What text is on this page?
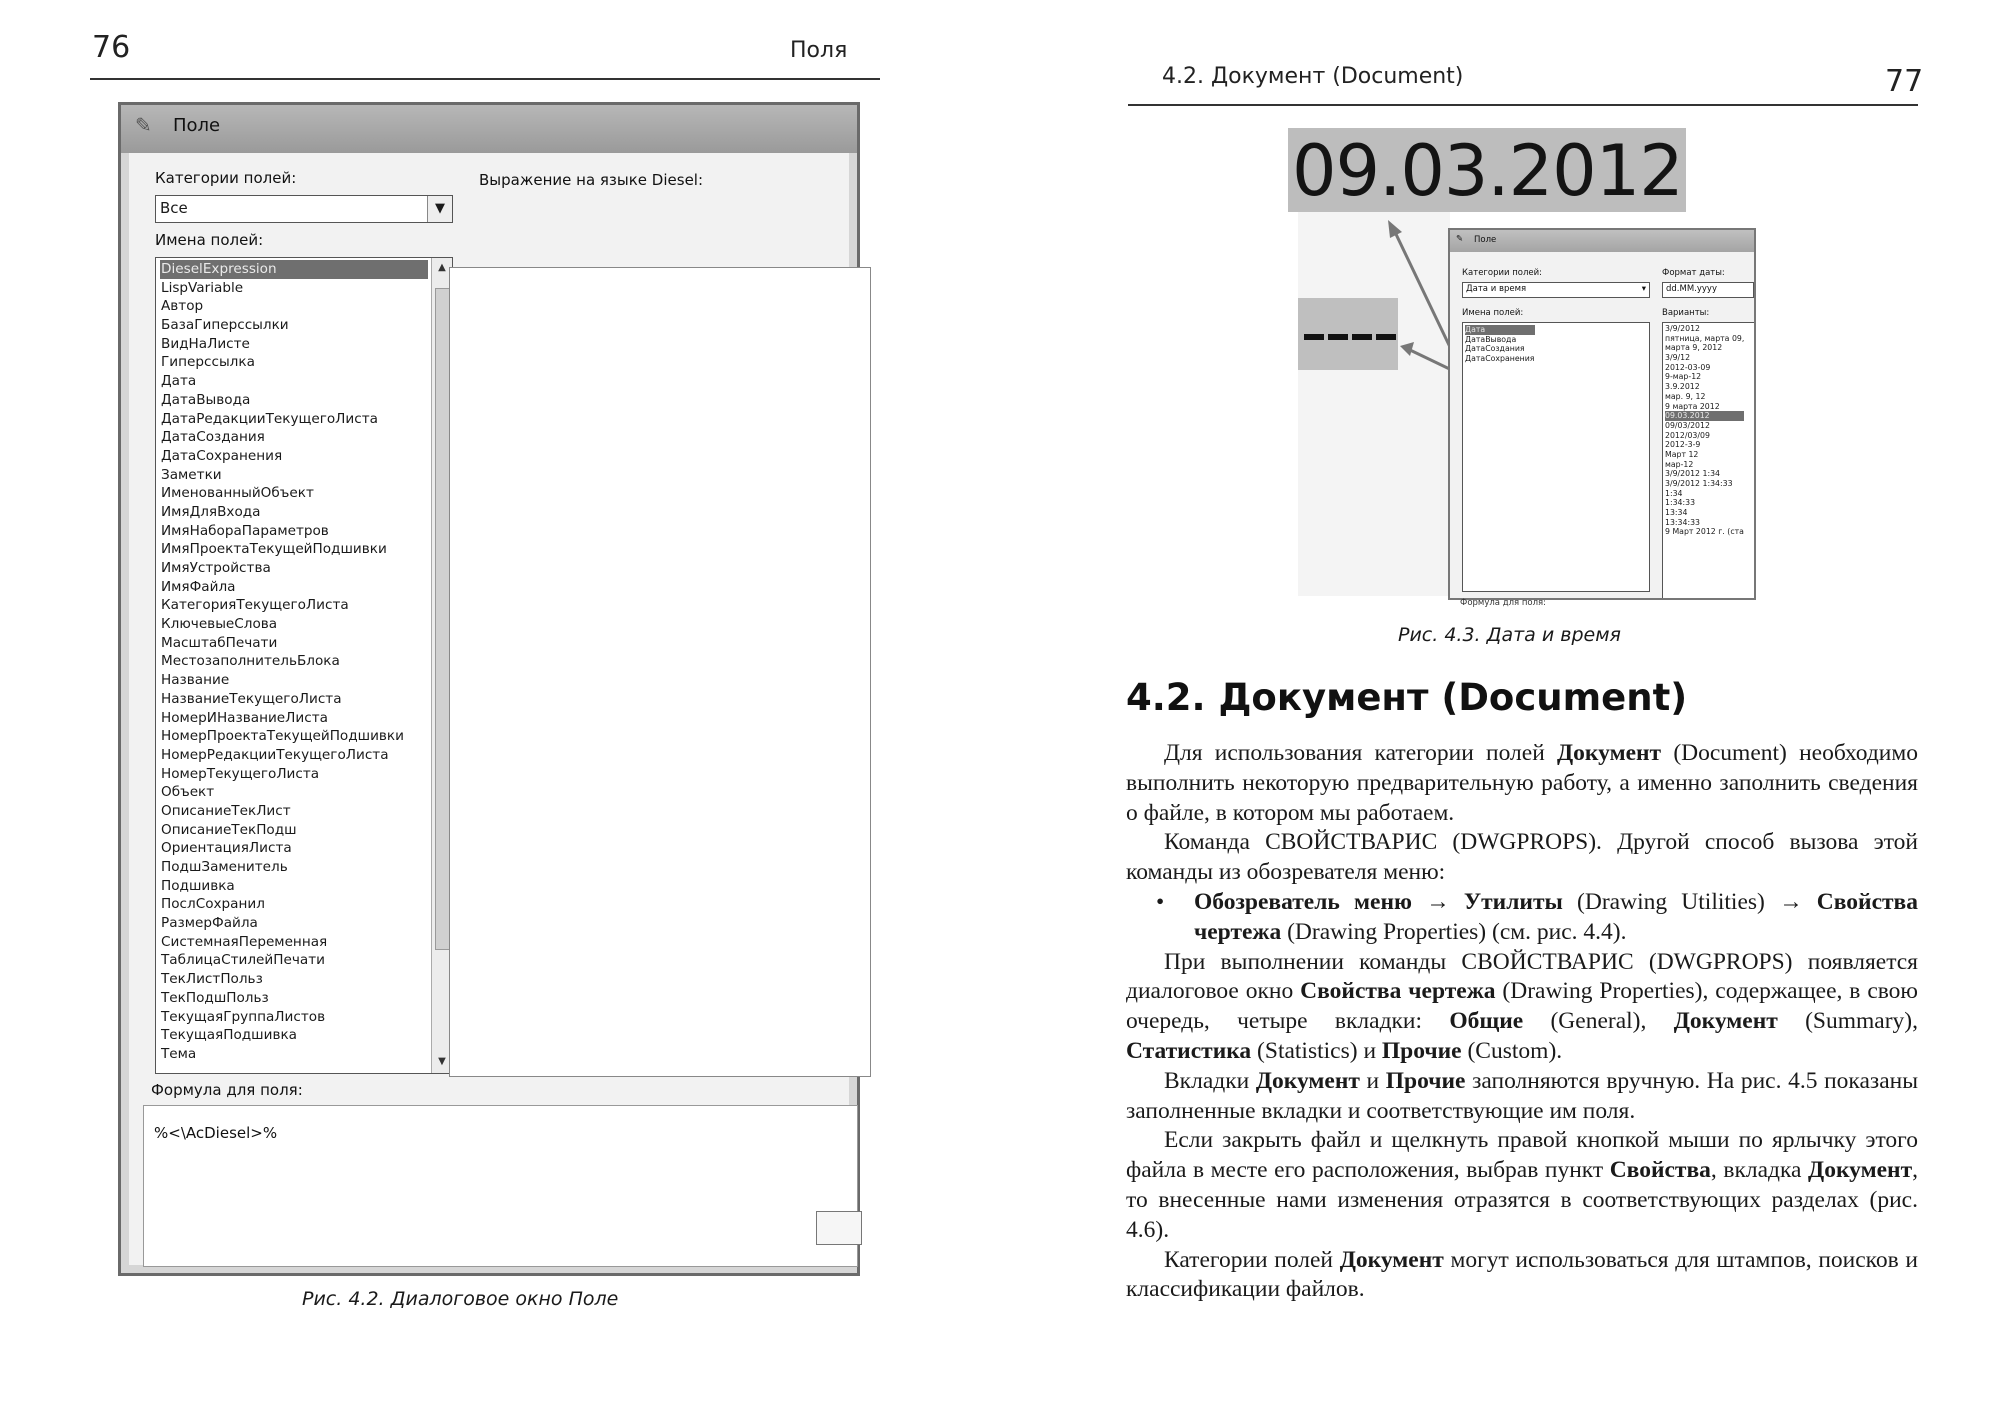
76	Поля
✎	Поле
Категории полей:
Все	▼
Имена полей:
DieselExpression
LispVariable
Автор
БазаГиперссылки
ВидНаЛисте
Гиперссылка
Дата
ДатаВывода
ДатаРедакцииТекущегоЛиста
ДатаСоздания
ДатаСохранения
Заметки
ИменованныйОбъект
ИмяДляВхода
ИмяНабораПараметров
ИмяПроектаТекущейПодшивки
ИмяУстройства
ИмяФайла
КатегорияТекущегоЛиста
КлючевыеСлова
МасштабПечати
МестозаполнительБлока
Название
НазваниеТекущегоЛиста
НомерИНазваниеЛиста
НомерПроектаТекущейПодшивки
НомерРедакцииТекущегоЛиста
НомерТекущегоЛиста
Объект
ОписаниеТекЛист
ОписаниеТекПодш
ОриентацияЛиста
ПодшЗаменитель
Подшивка
ПослСохранил
РазмерФайла
СистемнаяПеременная
ТаблицаСтилейПечати
ТекЛистПольз
ТекПодшПольз
ТекущаяГруппаЛистов
ТекущаяПодшивка
Тема
▲
▼
Выражение на языке Diesel:
Формула для поля:
%<\AcDiesel>%
Рис. 4.2. Диалоговое окно Поле
4.2. Документ (Document)	77
09.03.2012
✎ Поле
Категории полей:
Дата и время	▾
Имена полей:
Дата
ДатаВывода
ДатаСоздания
ДатаСохранения
Формат даты:
dd.MM.yyyy
Варианты:
3/9/2012
пятница, марта 09,
марта 9, 2012
3/9/12
2012-03-09
9-мар-12
3.9.2012
мар. 9, 12
9 марта 2012
09.03.2012
09/03/2012
2012/03/09
2012-3-9
Март 12
мар-12
3/9/2012 1:34
3/9/2012 1:34:33
1:34
1:34:33
13:34
13:34:33
9 Март 2012 г. (ста
Формула для поля:
Рис. 4.3. Дата и время
4.2. Документ (Document)

Для использования категории полей Документ (Document) необходимо выполнить некоторую предварительную работу, а именно заполнить сведения о файле, в котором мы работаем.

Команда СВОЙСТВАРИС (DWGPROPS). Другой способ вызова этой команды из обозревателя меню:

•	Обозреватель меню → Утилиты (Drawing Utilities) → Свойства чертежа (Drawing Properties) (см. рис. 4.4).

При выполнении команды СВОЙСТВАРИС (DWGPROPS) появляется диалоговое окно Свойства чертежа (Drawing Properties), содержащее, в свою очередь, четыре вкладки: Общие (General), Документ (Summary), Статистика (Statistics) и Прочие (Custom).

Вкладки Документ и Прочие заполняются вручную. На рис. 4.5 показаны заполненные вкладки и соответствующие им поля.

Если закрыть файл и щелкнуть правой кнопкой мыши по ярлычку этого файла в месте его расположения, выбрав пункт Свойства, вкладка Документ, то внесенные нами изменения отразятся в соответствующих разделах (рис. 4.6).

Категории полей Документ могут использоваться для штампов, поисков и классификации файлов.
